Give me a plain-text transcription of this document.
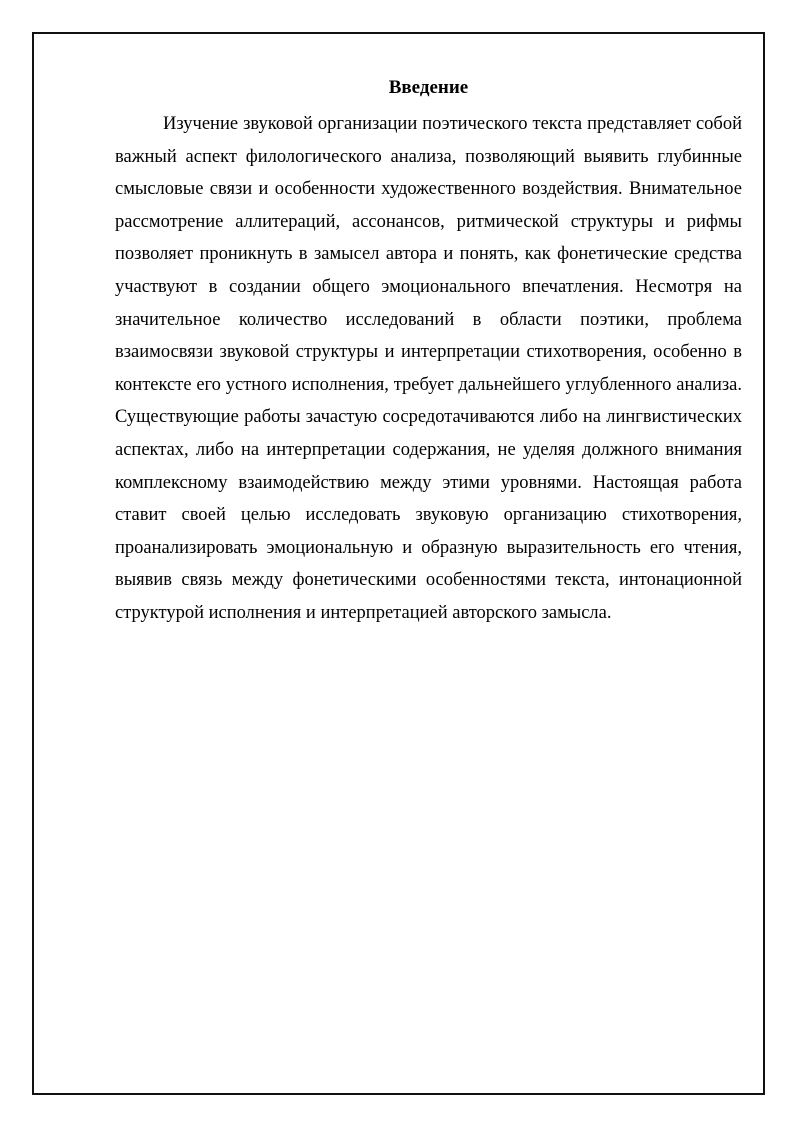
Введение

Изучение звуковой организации поэтического текста представляет собой важный аспект филологического анализа, позволяющий выявить глубинные смысловые связи и особенности художественного воздействия. Внимательное рассмотрение аллитераций, ассонансов, ритмической структуры и рифмы позволяет проникнуть в замысел автора и понять, как фонетические средства участвуют в создании общего эмоционального впечатления. Несмотря на значительное количество исследований в области поэтики, проблема взаимосвязи звуковой структуры и интерпретации стихотворения, особенно в контексте его устного исполнения, требует дальнейшего углубленного анализа. Существующие работы зачастую сосредотачиваются либо на лингвистических аспектах, либо на интерпретации содержания, не уделяя должного внимания комплексному взаимодействию между этими уровнями. Настоящая работа ставит своей целью исследовать звуковую организацию стихотворения, проанализировать эмоциональную и образную выразительность его чтения, выявив связь между фонетическими особенностями текста, интонационной структурой исполнения и интерпретацией авторского замысла.
